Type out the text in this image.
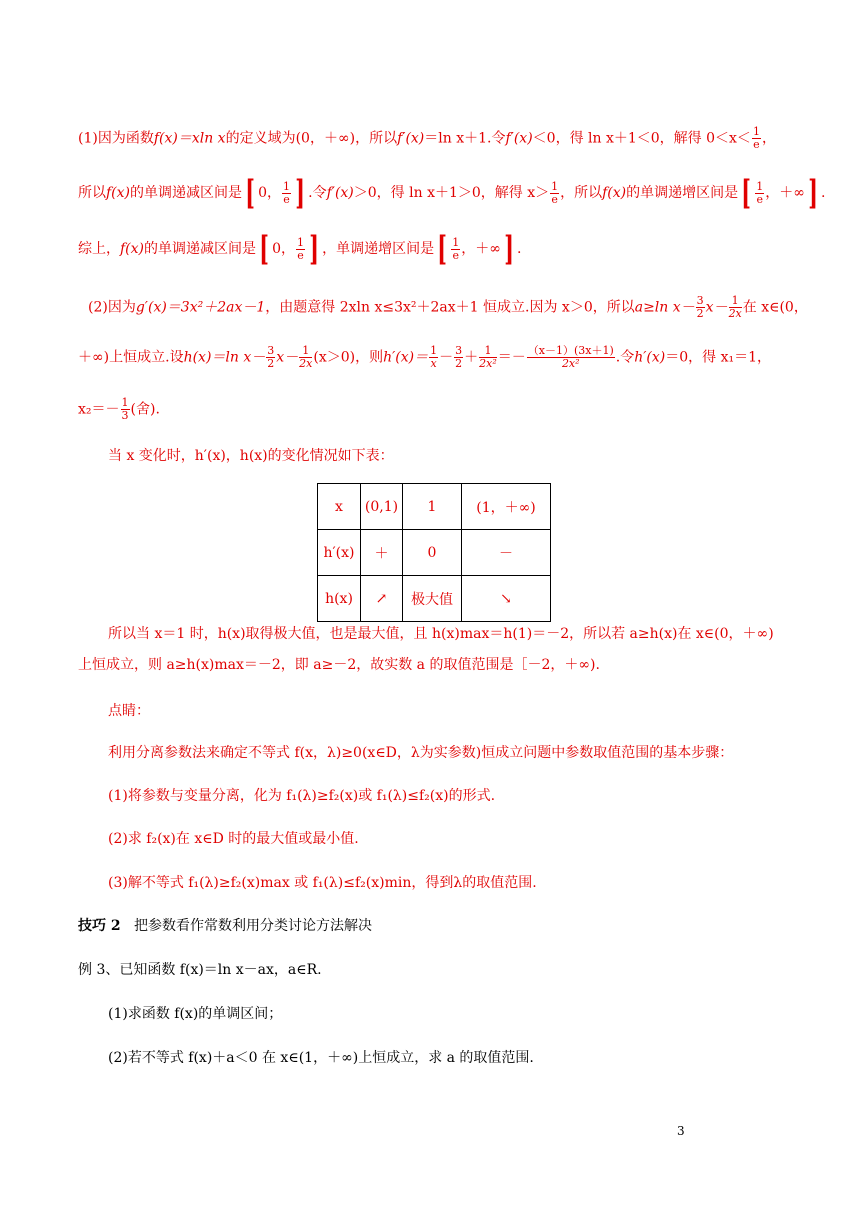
(1)因为函数f(x)＝xln x的定义域为(0，＋∞)，所以f′(x)＝ln x＋1.令f′(x)＜0，得 ln x＋1＜0，解得 $0<x< \frac{1}{e}$ ，
所以f(x)的单调递减区间是[ 0， $\frac{1}{e}$ ] .令f′(x)＞0，得 ln x＋1＞0，解得 $x> \frac{1}{e}$ ，所以f(x)的单调递增区间是[ $\frac{1}{e}$ ，＋∞] .
综上，f(x)的单调递减区间是[ 0， $\frac{1}{e}$ ] ，单调递增区间是[ $\frac{1}{e}$ ，＋∞] .
(2)因为g′(x)＝3x²＋2ax－1，由题意得 2xln x≤3x²＋2ax＋1 恒成立.因为 x＞0，所以a≥ln $x- \frac{3}{2} x- \frac{1}{2x}$在 x∈(0，
＋∞)上恒成立.设h(x)＝ln $x- \frac{3}{2} x- \frac{1}{2x}(x>0)$，则$h'(x)= \frac{1}{x}- \frac{3}{2} + \frac{1}{\text{2x²}}=- \frac{(x-1)(3x+1)}{\text{2x²}}$.令h′(x)＝0，得 x₁＝1，
$x_2=- \frac{1}{3}$ (舍).
当 x 变化时，h′(x)，h(x)的变化情况如下表：
x	(0,1)	1	(1，＋∞)
h′(x)	＋	0	－
h(x)	↗	极大值	↘
所以当 x＝1 时，h(x)取得极大值，也是最大值，且 h(x)max＝h(1)＝－2，所以若 a≥h(x)在 x∈(0，＋∞)
上恒成立，则 a≥h(x)max＝－2，即 a≥－2，故实数 a 的取值范围是［－2，＋∞).
点睛：
利用分离参数法来确定不等式 f(x，λ)≥0(x∈D，λ为实参数)恒成立问题中参数取值范围的基本步骤：
(1)将参数与变量分离，化为 f₁(λ)≥f₂(x)或 f₁(λ)≤f₂(x)的形式.
(2)求 f₂(x)在 x∈D 时的最大值或最小值.
(3)解不等式 f₁(λ)≥f₂(x)max 或 f₁(λ)≤f₂(x)min，得到λ的取值范围.
技巧 2 把参数看作常数利用分类讨论方法解决
例 3、已知函数 f(x)＝ln x－ax，a∈R.
(1)求函数 f(x)的单调区间；
(2)若不等式 f(x)＋a＜0 在 x∈(1，＋∞)上恒成立，求 a 的取值范围.
3
